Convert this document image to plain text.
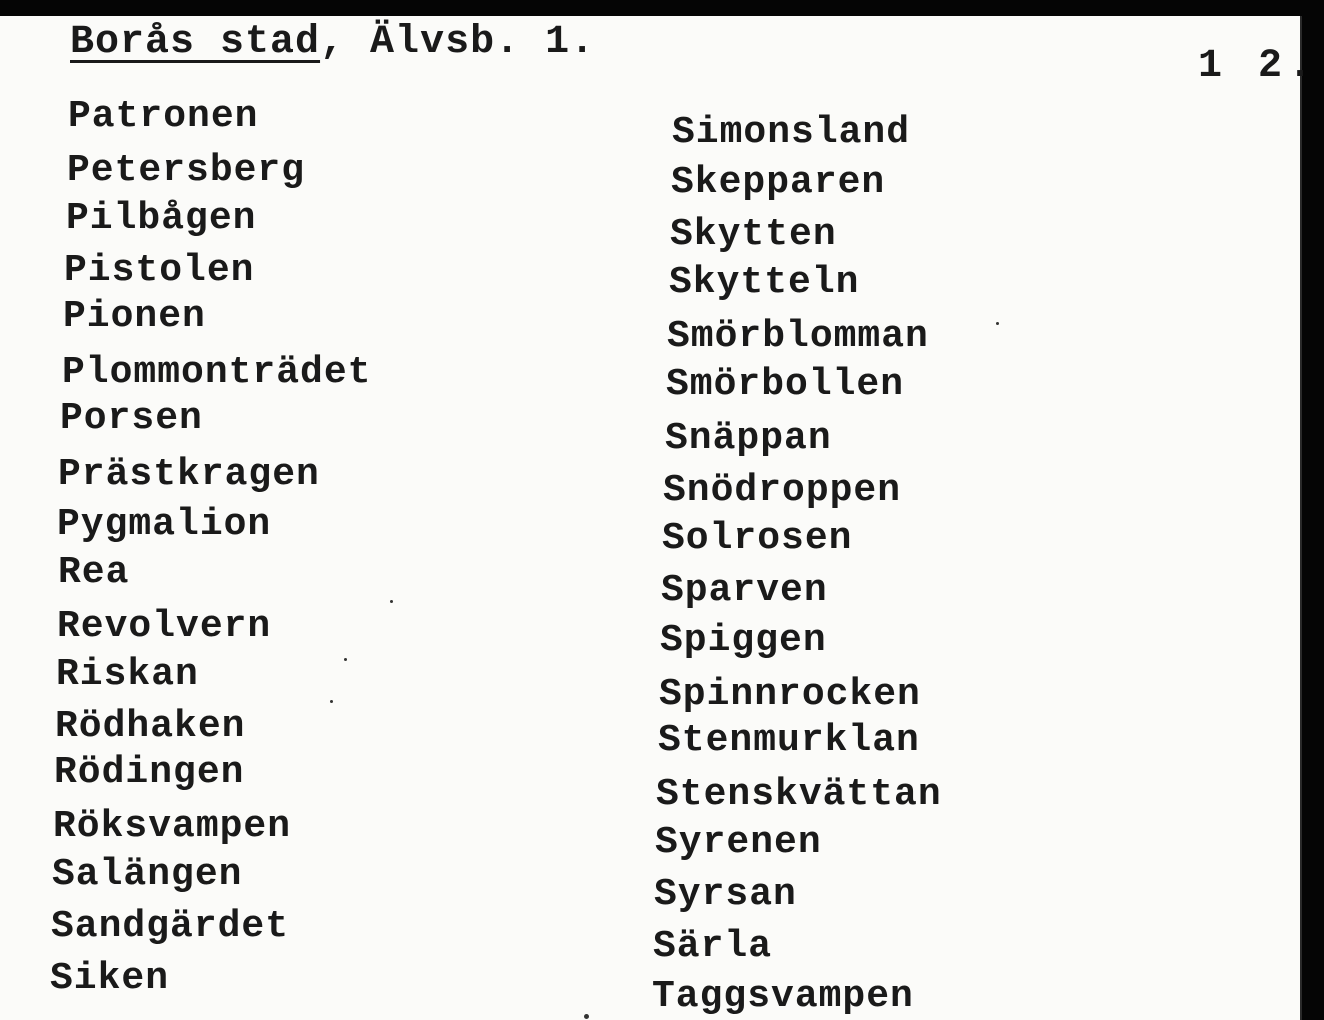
Borås stad, Älvsb. 1.
1 2.
Patronen
Petersberg
Pilbågen
Pistolen
Pionen
Plommonträdet
Porsen
Prästkragen
Pygmalion
Rea
Revolvern
Riskan
Rödhaken
Rödingen
Röksvampen
Salängen
Sandgärdet
Siken
Simonsland
Skepparen
Skytten
Skytteln
Smörblomman
Smörbollen
Snäppan
Snödroppen
Solrosen
Sparven
Spiggen
Spinnrocken
Stenmurklan
Stenskvättan
Syrenen
Syrsan
Särla
Taggsvampen
